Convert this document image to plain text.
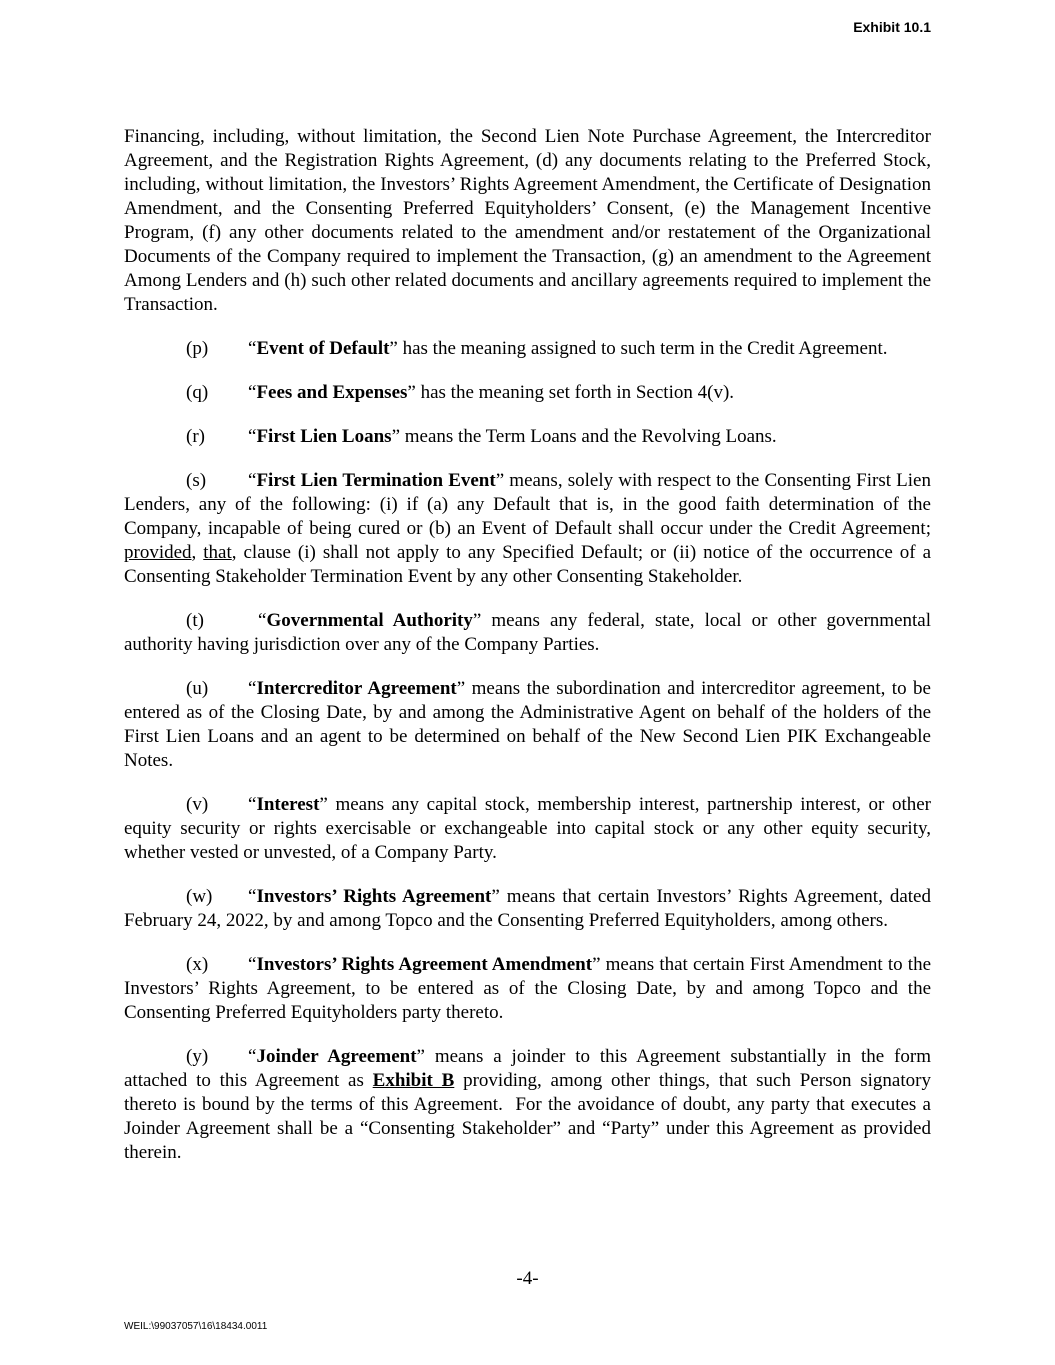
Exhibit 10.1

Financing, including, without limitation, the Second Lien Note Purchase Agreement, the Intercreditor Agreement, and the Registration Rights Agreement, (d) any documents relating to the Preferred Stock, including, without limitation, the Investors’ Rights Agreement Amendment, the Certificate of Designation Amendment, and the Consenting Preferred Equityholders’ Consent, (e) the Management Incentive Program, (f) any other documents related to the amendment and/or restatement of the Organizational Documents of the Company required to implement the Transaction, (g) an amendment to the Agreement Among Lenders and (h) such other related documents and ancillary agreements required to implement the Transaction.

(p) “Event of Default” has the meaning assigned to such term in the Credit Agreement.

(q) “Fees and Expenses” has the meaning set forth in Section 4(v).

(r) “First Lien Loans” means the Term Loans and the Revolving Loans.

(s) “First Lien Termination Event” means, solely with respect to the Consenting First Lien Lenders, any of the following: (i) if (a) any Default that is, in the good faith determination of the Company, incapable of being cured or (b) an Event of Default shall occur under the Credit Agreement; provided, that, clause (i) shall not apply to any Specified Default; or (ii) notice of the occurrence of a Consenting Stakeholder Termination Event by any other Consenting Stakeholder.

(t) “Governmental Authority” means any federal, state, local or other governmental authority having jurisdiction over any of the Company Parties.

(u) “Intercreditor Agreement” means the subordination and intercreditor agreement, to be entered as of the Closing Date, by and among the Administrative Agent on behalf of the holders of the First Lien Loans and an agent to be determined on behalf of the New Second Lien PIK Exchangeable Notes.

(v) “Interest” means any capital stock, membership interest, partnership interest, or other equity security or rights exercisable or exchangeable into capital stock or any other equity security, whether vested or unvested, of a Company Party.

(w) “Investors’ Rights Agreement” means that certain Investors’ Rights Agreement, dated February 24, 2022, by and among Topco and the Consenting Preferred Equityholders, among others.

(x) “Investors’ Rights Agreement Amendment” means that certain First Amendment to the Investors’ Rights Agreement, to be entered as of the Closing Date, by and among Topco and the Consenting Preferred Equityholders party thereto.

(y) “Joinder Agreement” means a joinder to this Agreement substantially in the form attached to this Agreement as Exhibit B providing, among other things, that such Person signatory thereto is bound by the terms of this Agreement.  For the avoidance of doubt, any party that executes a Joinder Agreement shall be a “Consenting Stakeholder” and “Party” under this Agreement as provided therein.

-4-
WEIL:\99037057\16\18434.0011
